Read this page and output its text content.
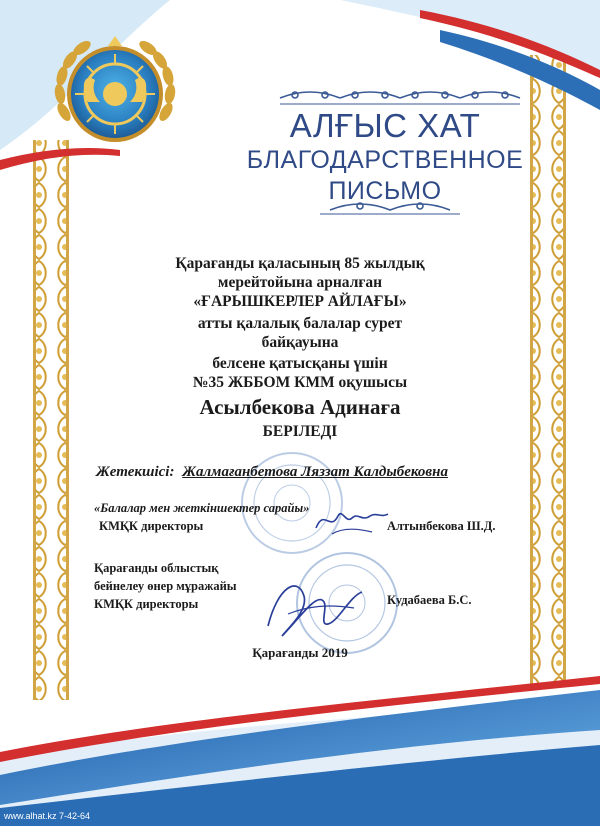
АЛҒЫС ХАТ
БЛАГОДАРСТВЕННОЕ
ПИСЬМО
Қарағанды қаласының 85 жылдық
мерейтойына арналған
«ҒАРЫШКЕРЛЕР АЙЛАҒЫ»
атты қалалық балалар сурет
байқауына
белсене қатысқаны үшін
№35 ЖББОМ КММ оқушысы
Асылбекова Адинаға
БЕРІЛЕДІ
Жетекшісі: Жалмағанбетова Ляззат Калдыбековна
«Балалар мен жеткіншектер сарайы»
КМҚК директоры	Алтынбекова Ш.Д.
Қарағанды облыстық
бейнелеу өнер мұражайы
КМҚК директоры	Кудабаева Б.С.
Қарағанды 2019
www.alhat.kz 7-42-64
